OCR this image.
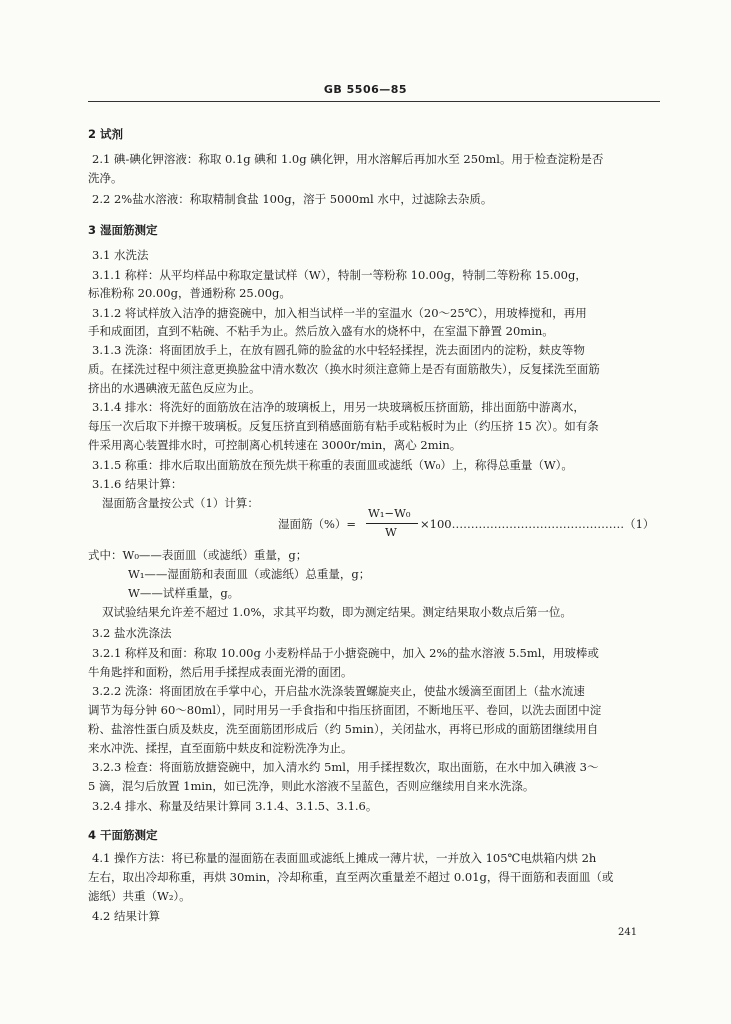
GB 5506—85
2 试剂
2.1 碘-碘化钾溶液：称取 0.1g 碘和 1.0g 碘化钾，用水溶解后再加水至 250ml。用于检查淀粉是否
洗净。
2.2 2%盐水溶液：称取精制食盐 100g，溶于 5000ml 水中，过滤除去杂质。
3 湿面筋测定
3.1 水洗法
3.1.1 称样：从平均样品中称取定量试样（W），特制一等粉称 10.00g，特制二等粉称 15.00g，
标准粉称 20.00g，普通粉称 25.00g。
3.1.2 将试样放入洁净的搪瓷碗中，加入相当试样一半的室温水（20～25℃），用玻棒搅和，再用
手和成面团，直到不粘碗、不粘手为止。然后放入盛有水的烧杯中，在室温下静置 20min。
3.1.3 洗涤：将面团放手上，在放有圆孔筛的脸盆的水中轻轻揉捏，洗去面团内的淀粉，麸皮等物
质。在揉洗过程中须注意更换脸盆中清水数次（换水时须注意筛上是否有面筋散失），反复揉洗至面筋
挤出的水遇碘液无蓝色反应为止。
3.1.4 排水：将洗好的面筋放在洁净的玻璃板上，用另一块玻璃板压挤面筋，排出面筋中游离水，
每压一次后取下并擦干玻璃板。反复压挤直到稍感面筋有粘手或粘板时为止（约压挤 15 次）。如有条
件采用离心装置排水时，可控制离心机转速在 3000r/min，离心 2min。
3.1.5 称重：排水后取出面筋放在预先烘干称重的表面皿或滤纸（W₀）上，称得总重量（W）。
3.1.6 结果计算：
湿面筋含量按公式（1）计算：
湿面筋（%）=
W₁−W₀
W
×100………………………………………（1）
式中：W₀——表面皿（或滤纸）重量，g；
W₁——湿面筋和表面皿（或滤纸）总重量，g；
W——试样重量，g。
双试验结果允许差不超过 1.0%，求其平均数，即为测定结果。测定结果取小数点后第一位。
3.2 盐水洗涤法
3.2.1 称样及和面：称取 10.00g 小麦粉样品于小搪瓷碗中，加入 2%的盐水溶液 5.5ml，用玻棒或
牛角匙拌和面粉，然后用手揉捏成表面光滑的面团。
3.2.2 洗涤：将面团放在手掌中心，开启盐水洗涤装置螺旋夹止，使盐水缓滴至面团上（盐水流速
调节为每分钟 60～80ml），同时用另一手食指和中指压挤面团，不断地压平、卷回，以洗去面团中淀
粉、盐溶性蛋白质及麸皮，洗至面筋团形成后（约 5min），关闭盐水，再将已形成的面筋团继续用自
来水冲洗、揉捏，直至面筋中麸皮和淀粉洗净为止。
3.2.3 检查：将面筋放搪瓷碗中，加入清水约 5ml，用手揉捏数次，取出面筋，在水中加入碘液 3～
5 滴，混匀后放置 1min，如已洗净，则此水溶液不呈蓝色，否则应继续用自来水洗涤。
3.2.4 排水、称量及结果计算同 3.1.4、3.1.5、3.1.6。
4 干面筋测定
4.1 操作方法：将已称量的湿面筋在表面皿或滤纸上摊成一薄片状，一并放入 105℃电烘箱内烘 2h
左右，取出冷却称重，再烘 30min，冷却称重，直至两次重量差不超过 0.01g，得干面筋和表面皿（或
滤纸）共重（W₂）。
4.2 结果计算
241
